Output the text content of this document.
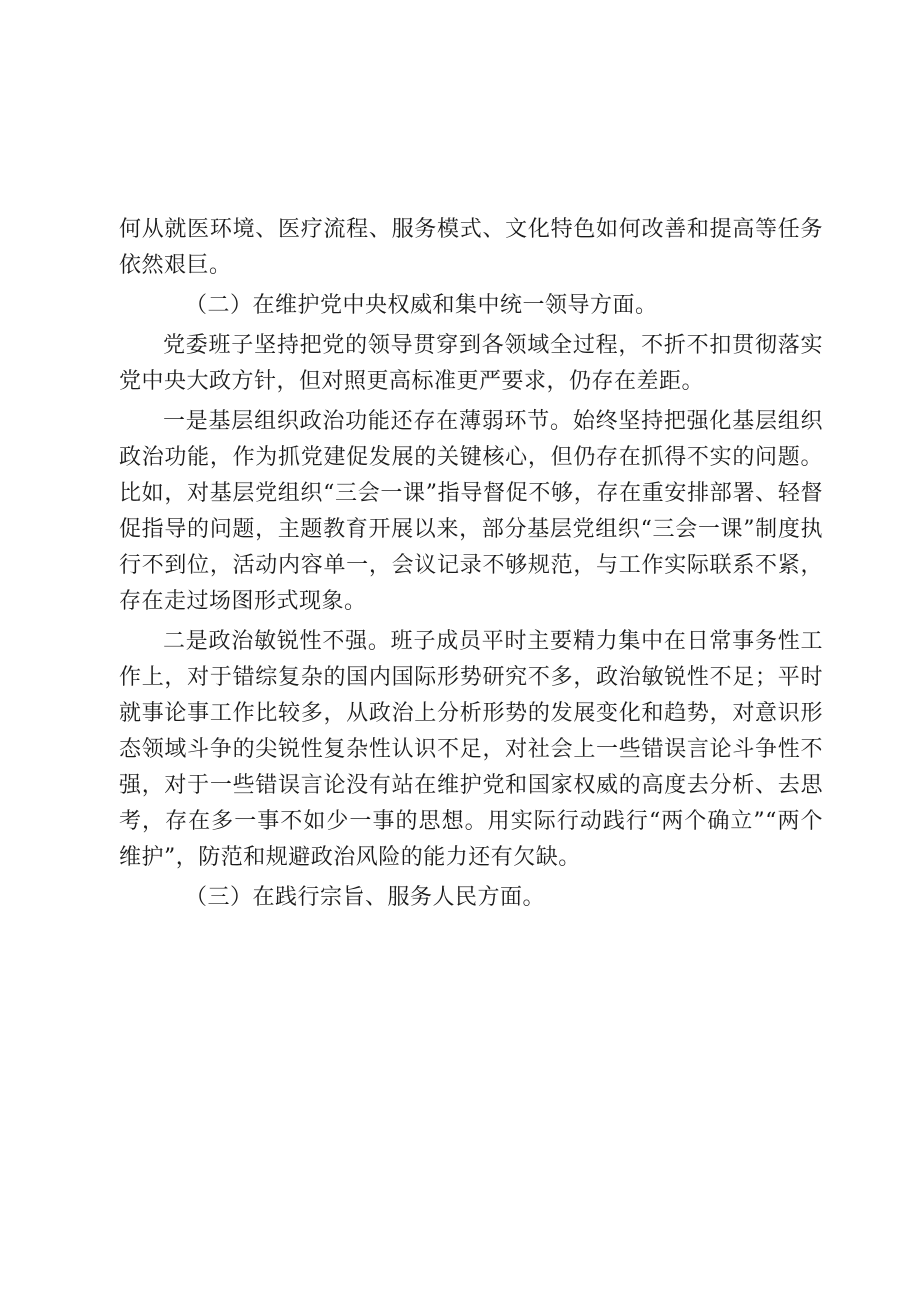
何从就医环境、医疗流程、服务模式、文化特色如何改善和提高等任务依然艰巨。

（二）在维护党中央权威和集中统一领导方面。

党委班子坚持把党的领导贯穿到各领域全过程，不折不扣贯彻落实党中央大政方针，但对照更高标准更严要求，仍存在差距。

一是基层组织政治功能还存在薄弱环节。始终坚持把强化基层组织政治功能，作为抓党建促发展的关键核心，但仍存在抓得不实的问题。比如，对基层党组织“三会一课”指导督促不够，存在重安排部署、轻督促指导的问题，主题教育开展以来，部分基层党组织“三会一课”制度执行不到位，活动内容单一，会议记录不够规范，与工作实际联系不紧，存在走过场图形式现象。

二是政治敏锐性不强。班子成员平时主要精力集中在日常事务性工作上，对于错综复杂的国内国际形势研究不多，政治敏锐性不足；平时就事论事工作比较多，从政治上分析形势的发展变化和趋势，对意识形态领域斗争的尖锐性复杂性认识不足，对社会上一些错误言论斗争性不强，对于一些错误言论没有站在维护党和国家权威的高度去分析、去思考，存在多一事不如少一事的思想。用实际行动践行“两个确立”“两个维护”，防范和规避政治风险的能力还有欠缺。

（三）在践行宗旨、服务人民方面。
